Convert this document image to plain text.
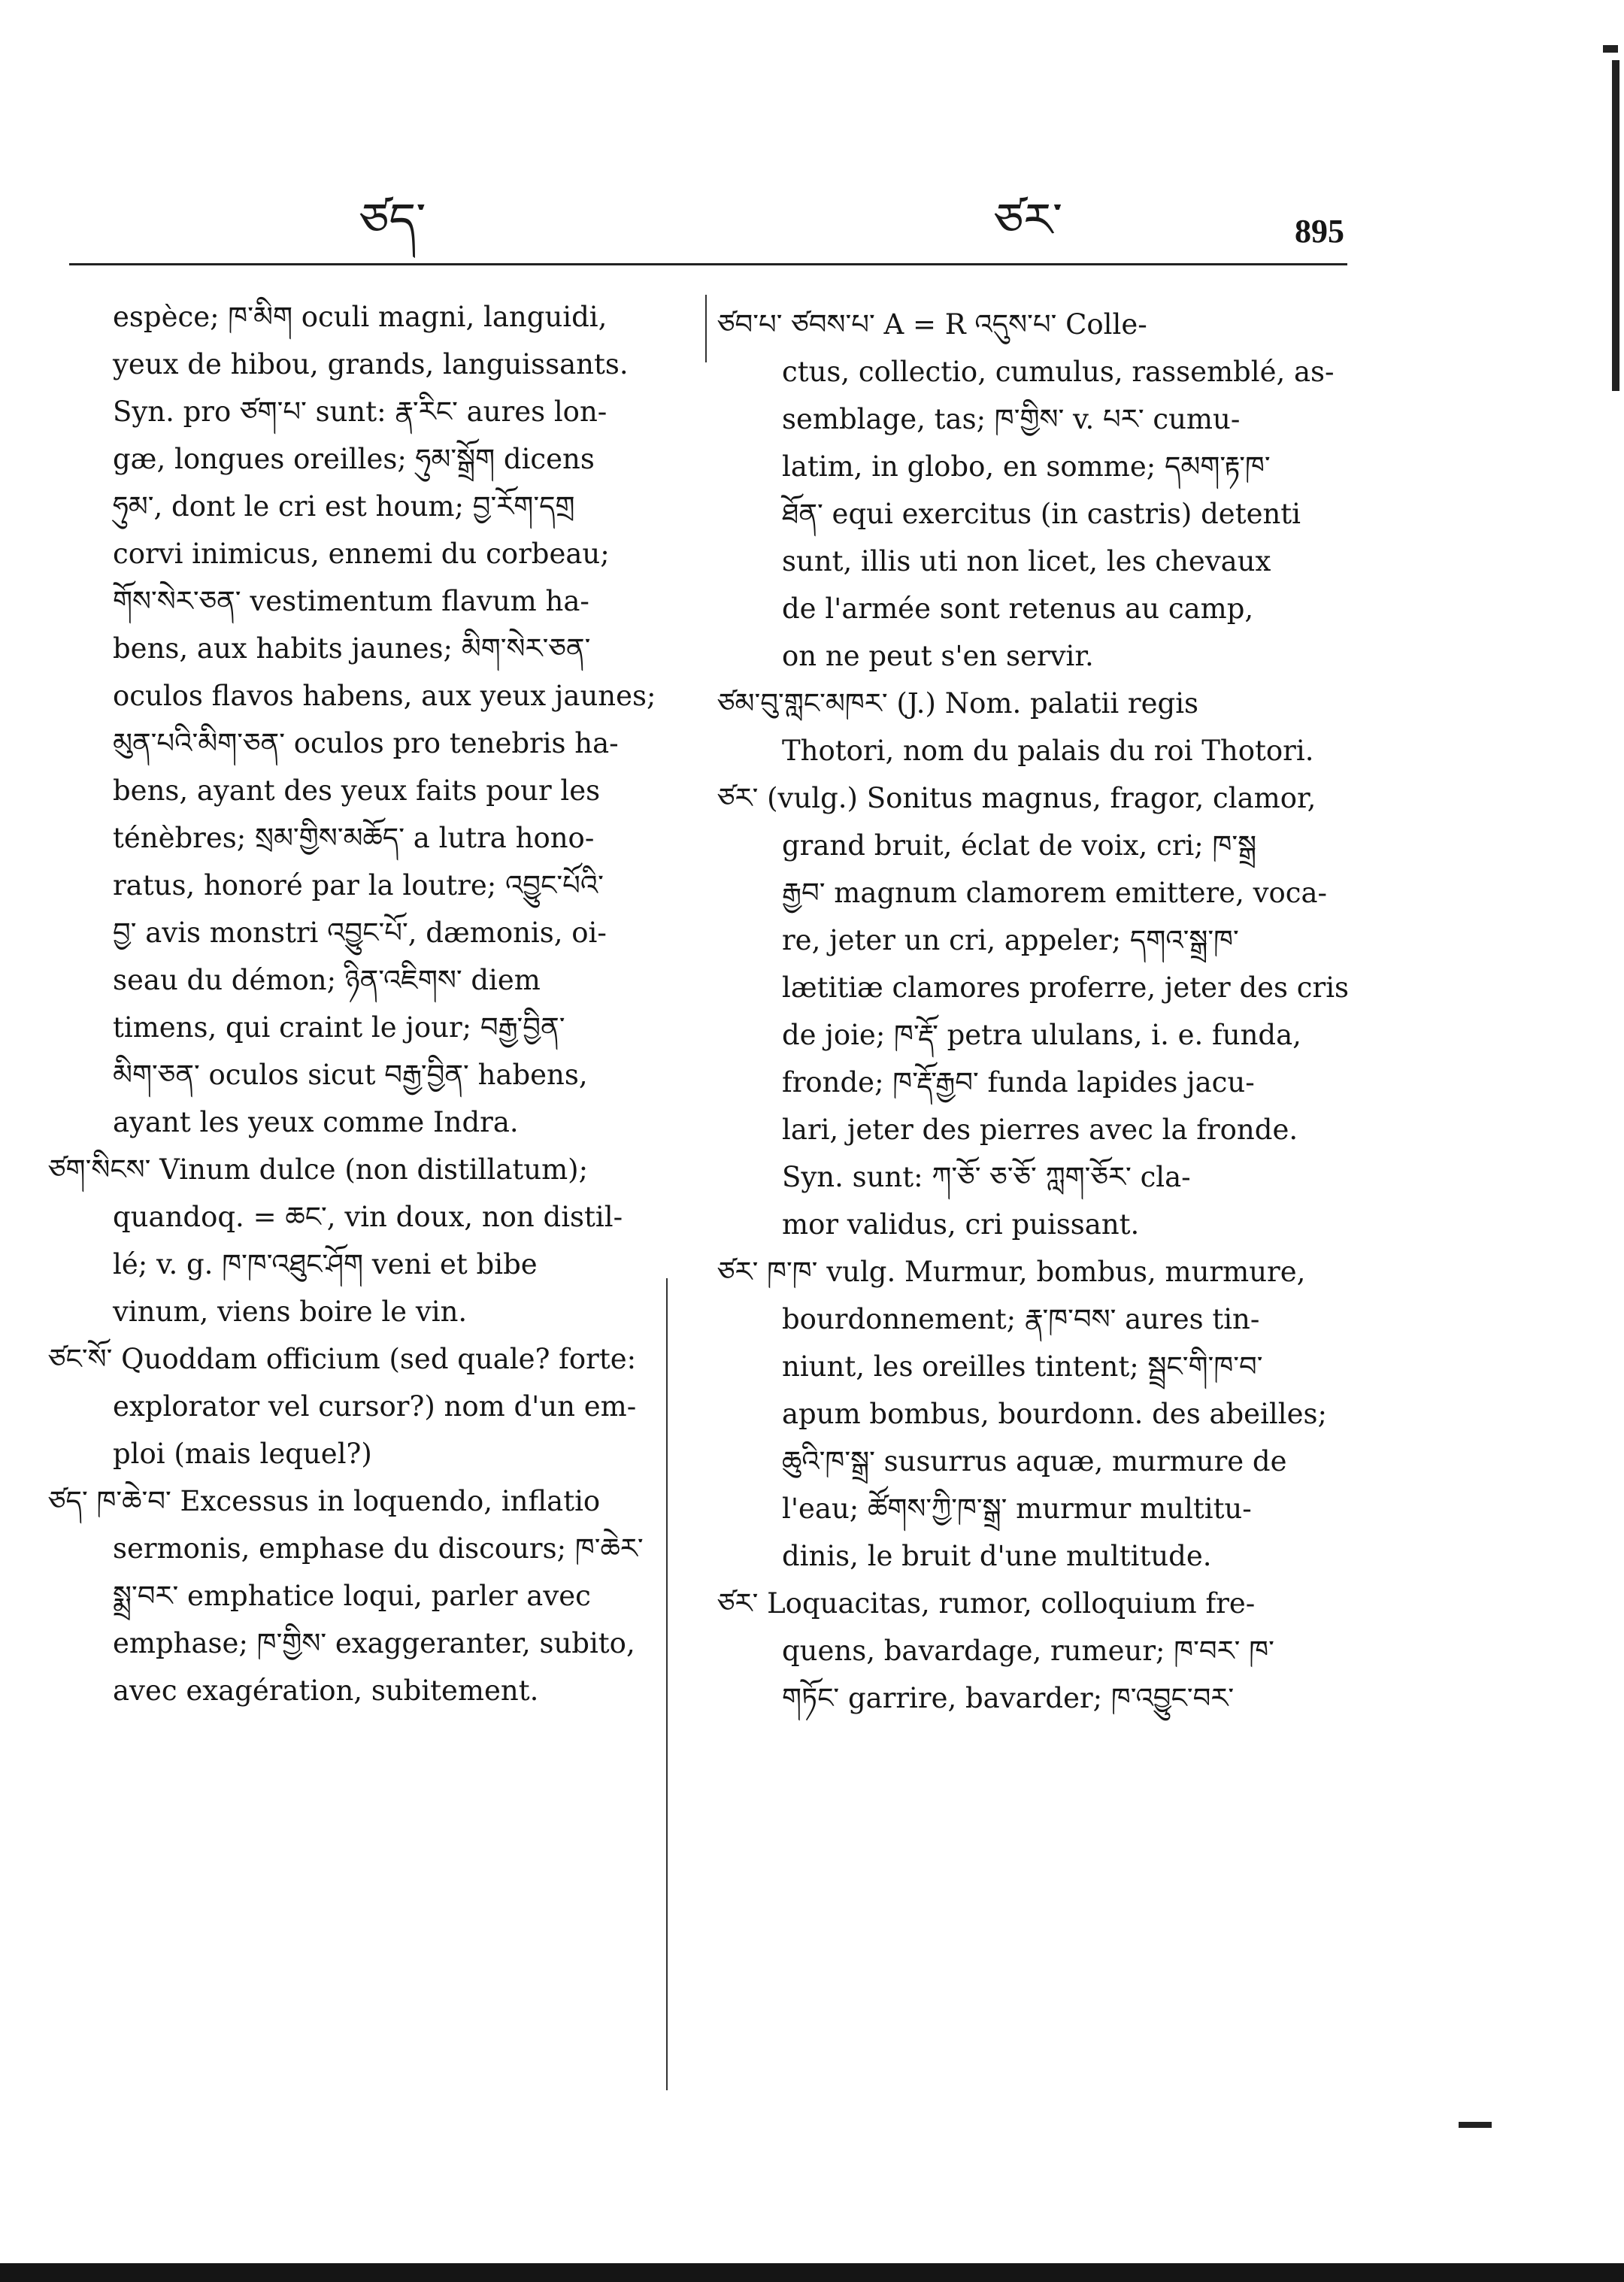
ཙད་	ཙར་	895

espèce; ཁ་མིག oculi magni, languidi,

yeux de hibou, grands, languissants.

Syn. pro ཙག་པ་ sunt: རྣ་རིང་ aures lon-

gæ, longues oreilles; ཧུམ་སྒྲོག dicens

ཧུམ་, dont le cri est houm; བྱ་རོག་དགྲ

corvi inimicus, ennemi du corbeau;

གོས་སེར་ཅན་ vestimentum flavum ha-

bens, aux habits jaunes; མིག་སེར་ཅན་

oculos flavos habens, aux yeux jaunes;

མུན་པའི་མིག་ཅན་ oculos pro tenebris ha-

bens, ayant des yeux faits pour les

ténèbres; སྲམ་གྱིས་མཆོད་ a lutra hono-

ratus, honoré par la loutre; འབྱུང་པོའི་

བྱ་ avis monstri འབྱུང་པོ་, dæmonis, oi-

seau du démon; ཉིན་འཇིགས་ diem

timens, qui craint le jour; བརྒྱ་བྱིན་

མིག་ཅན་ oculos sicut བརྒྱ་བྱིན་ habens,

ayant les yeux comme Indra.

ཙག་སིངས་ Vinum dulce (non distillatum);

quandoq. = ཆང་, vin doux, non distil-

lé; v. g. ཁ་ཁ་འཐུང་ཤོག veni et bibe

vinum, viens boire le vin.

ཙང་སོ་ Quoddam officium (sed quale? forte:

explorator vel cursor?) nom d'un em-

ploi (mais lequel?)

ཙད་ ཁ་ཆེ་བ་ Excessus in loquendo, inflatio

sermonis, emphase du discours; ཁ་ཆེར་

སྨྲ་བར་ emphatice loqui, parler avec

emphase; ཁ་གྱིས་ exaggeranter, subito,

avec exagération, subitement.

ཙབ་པ་ ཙབས་པ་ A = R འདུས་པ་ Colle-

ctus, collectio, cumulus, rassemblé, as-

semblage, tas; ཁ་གྱིས་ v. པར་ cumu-

latim, in globo, en somme; དམག་རྟ་ཁ་

ཐོན་ equi exercitus (in castris) detenti

sunt, illis uti non licet, les chevaux

de l'armée sont retenus au camp,

on ne peut s'en servir.

ཙམ་བུ་གླང་མཁར་ (J.) Nom. palatii regis

Thotori, nom du palais du roi Thotori.

ཙར་ (vulg.) Sonitus magnus, fragor, clamor,

grand bruit, éclat de voix, cri; ཁ་སྒྲ

རྒྱབ་ magnum clamorem emittere, voca-

re, jeter un cri, appeler; དགའ་སྒྲ་ཁ་

lætitiæ clamores proferre, jeter des cris

de joie; ཁ་རྡོ་ petra ululans, i. e. funda,

fronde; ཁ་རྡོ་རྒྱབ་ funda lapides jacu-

lari, jeter des pierres avec la fronde.

Syn. sunt: ཀ་ཅོ་ ཅ་ཅོ་ ཀླག་ཅོར་ cla-

mor validus, cri puissant.

ཙར་ ཁ་ཁ་ vulg. Murmur, bombus, murmure,

bourdonnement; རྣ་ཁ་བས་ aures tin-

niunt, les oreilles tintent; སྦྲང་གི་ཁ་བ་

apum bombus, bourdonn. des abeilles;

ཆུའི་ཁ་སྒྲ་ susurrus aquæ, murmure de

l'eau; ཚོགས་ཀྱི་ཁ་སྒྲ་ murmur multitu-

dinis, le bruit d'une multitude.

ཙར་ Loquacitas, rumor, colloquium fre-

quens, bavardage, rumeur; ཁ་བར་ ཁ་

གཏོང་ garrire, bavarder; ཁ་འབྱུང་བར་
